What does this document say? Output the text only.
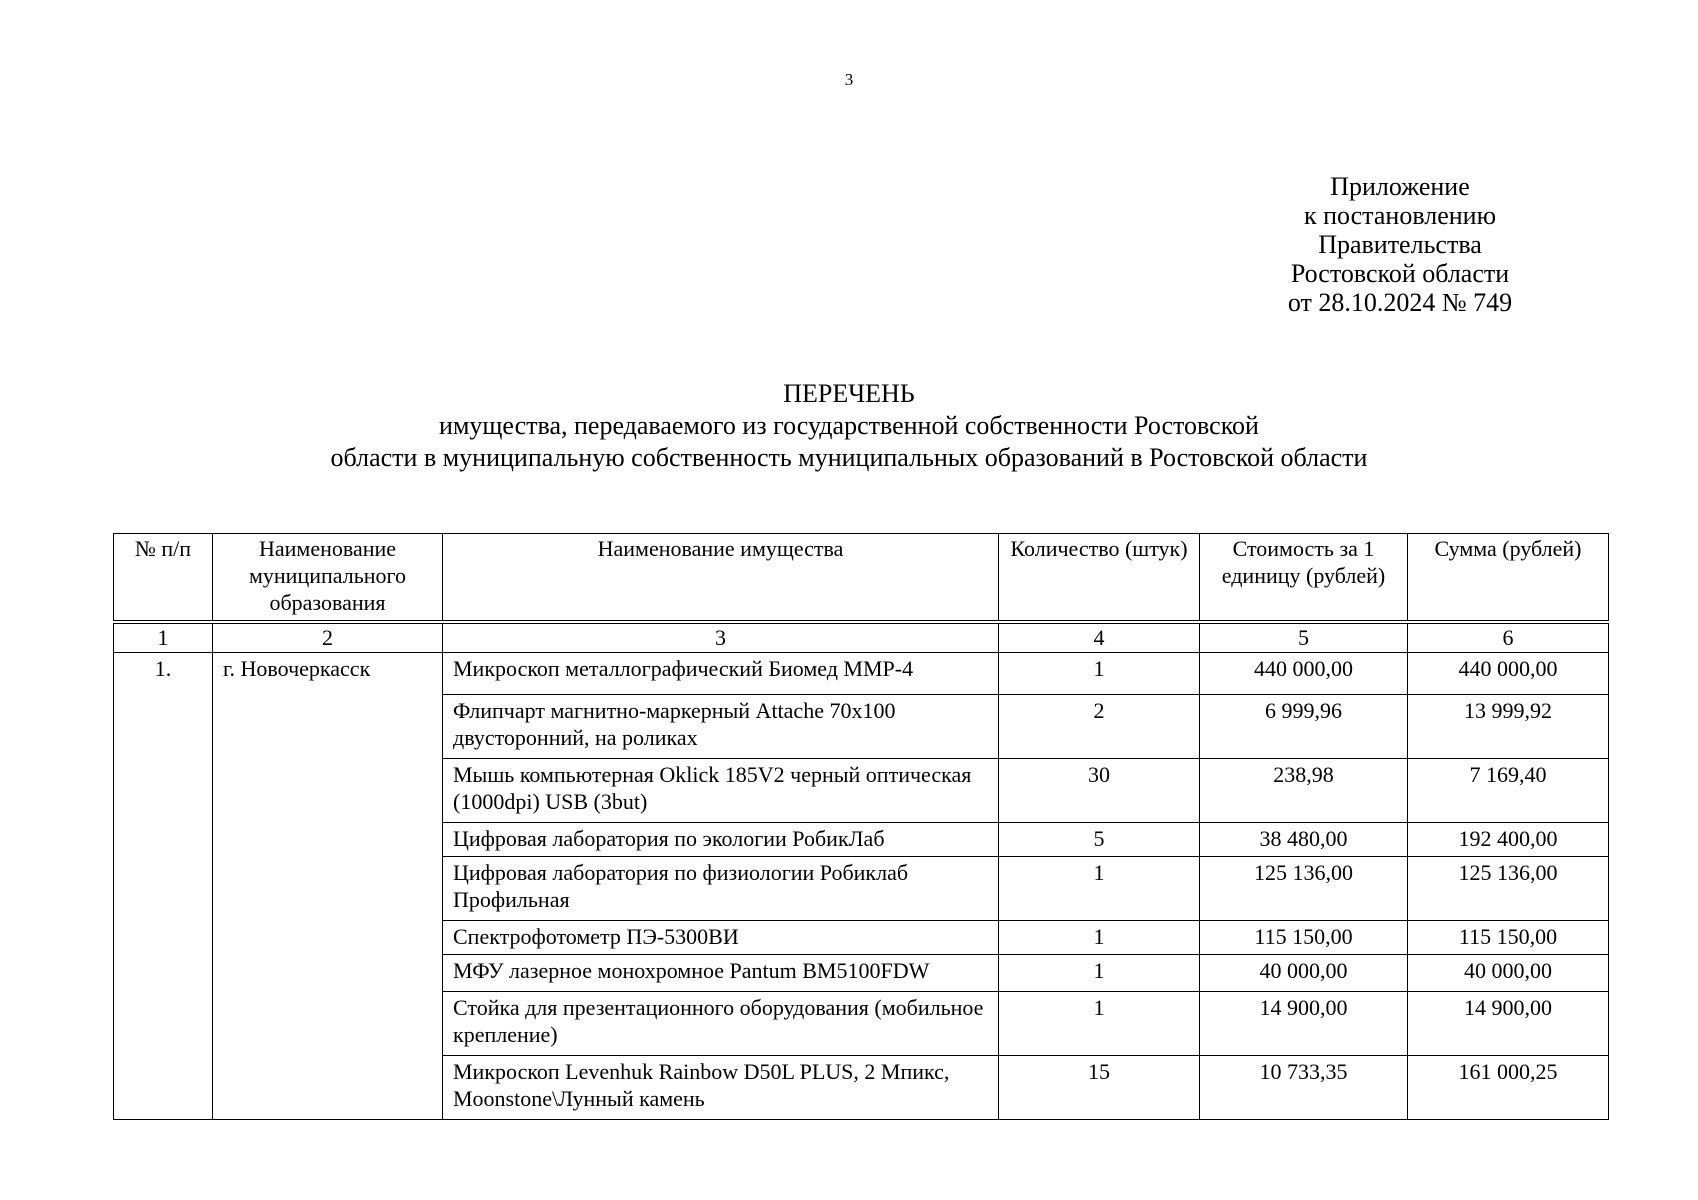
3
Приложение
к постановлению
Правительства
Ростовской области
от 28.10.2024 № 749
ПЕРЕЧЕНЬ
имущества, передаваемого из государственной собственности Ростовской
области в муниципальную собственность муниципальных образований в Ростовской области
№ п/п	Наименование муниципального образования	Наименование имущества	Количество (штук)	Стоимость за 1 единицу (рублей)	Сумма (рублей)
1	2	3	4	5	6
1.	г. Новочеркасск	Микроскоп металлографический Биомед ММР-4	1	440 000,00	440 000,00
		Флипчарт магнитно-маркерный Attache 70x100 двусторонний, на роликах	2	6 999,96	13 999,92
		Мышь компьютерная Oklick 185V2 черный оптическая (1000dpi) USB (3but)	30	238,98	7 169,40
		Цифровая лаборатория по экологии РобикЛаб	5	38 480,00	192 400,00
		Цифровая лаборатория по физиологии Робиклаб Профильная	1	125 136,00	125 136,00
		Спектрофотометр ПЭ-5300ВИ	1	115 150,00	115 150,00
		МФУ лазерное монохромное Pantum BM5100FDW	1	40 000,00	40 000,00
		Стойка для презентационного оборудования (мобильное крепление)	1	14 900,00	14 900,00
		Микроскоп Levenhuk Rainbow D50L PLUS, 2 Мпикс, Moonstone\Лунный камень	15	10 733,35	161 000,25
